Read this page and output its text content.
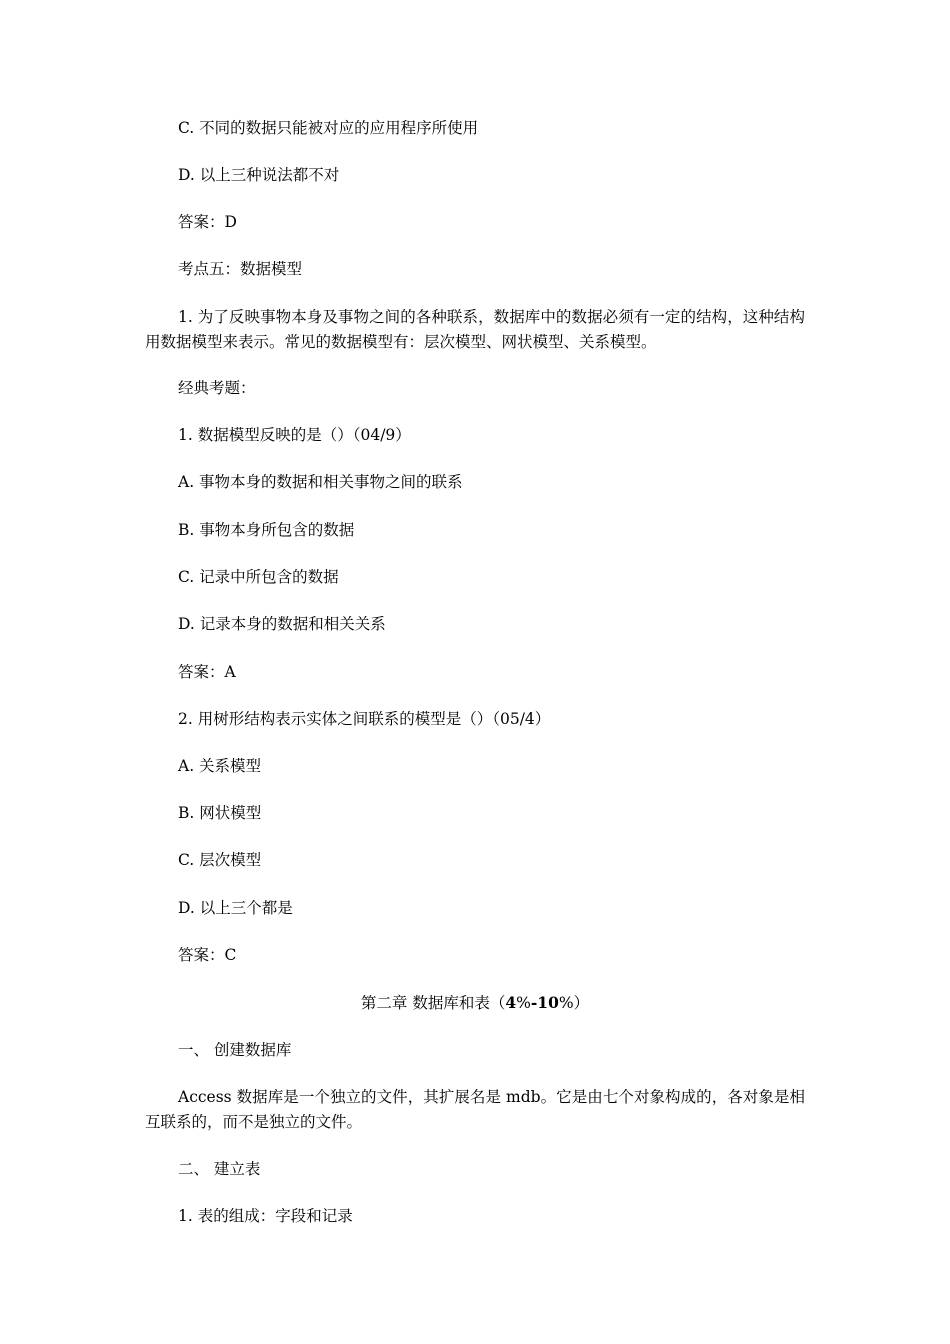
C. 不同的数据只能被对应的应用程序所使用
D. 以上三种说法都不对
答案：D
考点五：数据模型
1. 为了反映事物本身及事物之间的各种联系，数据库中的数据必须有一定的结构，这种结构用数据模型来表示。常见的数据模型有：层次模型、网状模型、关系模型。
经典考题：
1. 数据模型反映的是（）（04/9）
A. 事物本身的数据和相关事物之间的联系
B. 事物本身所包含的数据
C. 记录中所包含的数据
D. 记录本身的数据和相关关系
答案：A
2. 用树形结构表示实体之间联系的模型是（）（05/4）
A. 关系模型
B. 网状模型
C. 层次模型
D. 以上三个都是
答案：C
第二章 数据库和表（4%-10%）
一、 创建数据库
Access 数据库是一个独立的文件，其扩展名是 mdb。它是由七个对象构成的，各对象是相互联系的，而不是独立的文件。
二、 建立表
1. 表的组成：字段和记录
